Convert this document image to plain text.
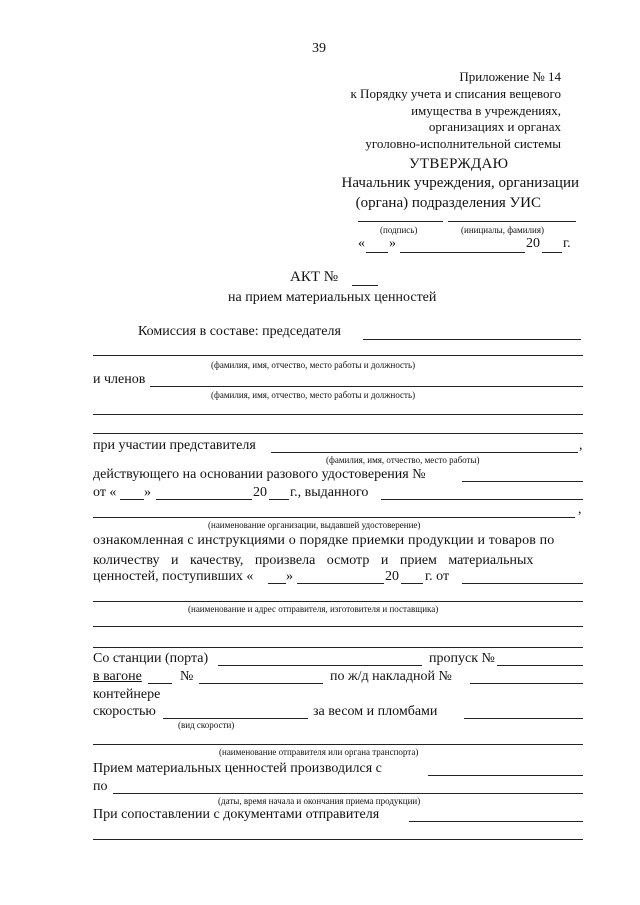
39
Приложение № 14
к Порядку учета и списания вещевого
имущества в учреждениях,
организациях и органах
уголовно-исполнительной системы
УТВЕРЖДАЮ
Начальник учреждения, организации
(органа) подразделения УИС
(подпись)	(инициалы, фамилия)
« »	20 г.
АКТ №
на прием материальных ценностей
Комиссия в составе: председателя
(фамилия, имя, отчество, место работы и должность)
и членов
(фамилия, имя, отчество, место работы и должность)
при участии представителя	,
(фамилия, имя, отчество, место работы)
действующего на основании разового удостоверения №
от « »	20 г., выданного
,
(наименование организации, выдавшей удостоверение)
ознакомленная с инструкциями о порядке приемки продукции и товаров по
количеству и качеству, произвела осмотр и прием материальных
ценностей, поступивших « »	20 г. от
(наименование и адрес отправителя, изготовителя и поставщика)
Со станции (порта)	пропуск №
в вагоне	№	по ж/д накладной №
контейнере
скоростью	за весом и пломбами
(вид скорости)
(наименование отправителя или органа транспорта)
Прием материальных ценностей производился с
по
(даты, время начала и окончания приема продукции)
При сопоставлении с документами отправителя
